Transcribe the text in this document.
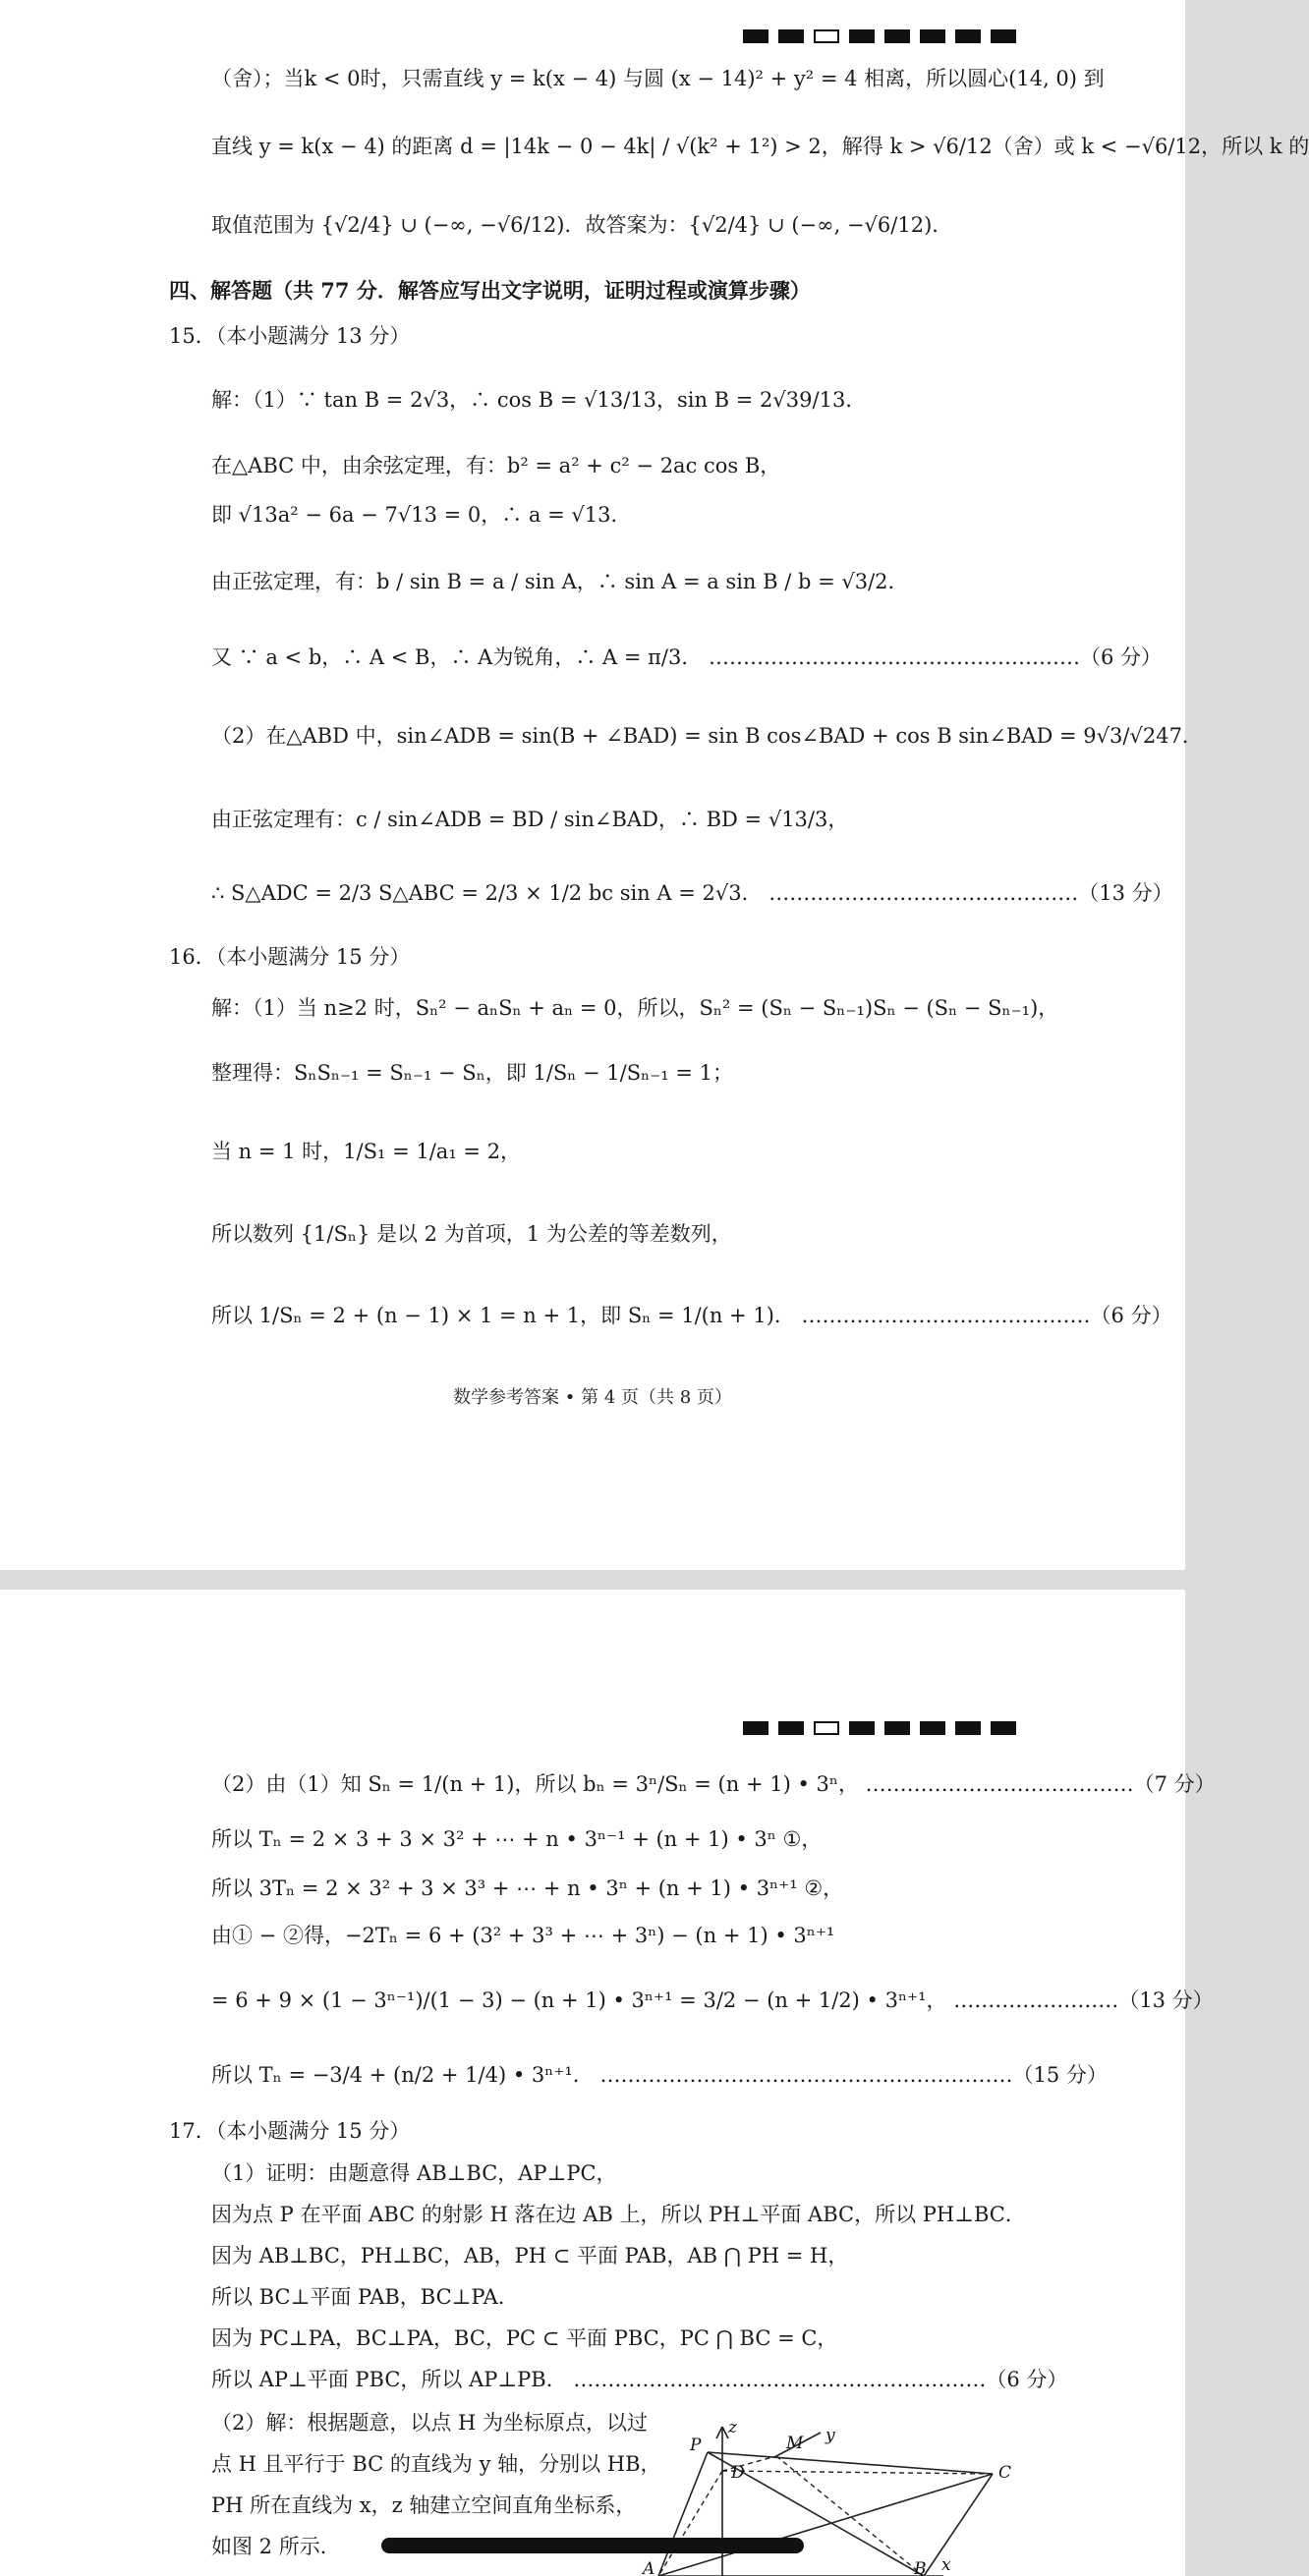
（舍）；当k < 0时，只需直线 y = k(x − 4) 与圆 (x − 14)² + y² = 4 相离，所以圆心(14, 0) 到
直线 y = k(x − 4) 的距离 d = |14k − 0 − 4k| / √(k² + 1²) > 2，解得 k > √6/12（舍）或 k < −√6/12，所以 k 的
取值范围为 {√2/4} ∪ (−∞, −√6/12)．故答案为：{√2/4} ∪ (−∞, −√6/12)．
四、解答题（共 77 分．解答应写出文字说明，证明过程或演算步骤）
15．（本小题满分 13 分）
解：（1）∵ tan B = 2√3，∴ cos B = √13/13，sin B = 2√39/13．
在△ABC 中，由余弦定理，有：b² = a² + c² − 2ac cos B，
即 √13a² − 6a − 7√13 = 0，∴ a = √13．
由正弦定理，有：b / sin B = a / sin A，∴ sin A = a sin B / b = √3/2．
又 ∵ a < b，∴ A < B，∴ A为锐角，∴ A = π/3． ………………………………………………（6 分）
（2）在△ABD 中，sin∠ADB = sin(B + ∠BAD) = sin B cos∠BAD + cos B sin∠BAD = 9√3/√247．
由正弦定理有：c / sin∠ADB = BD / sin∠BAD，∴ BD = √13/3，
∴ S△ADC = 2/3 S△ABC = 2/3 × 1/2 bc sin A = 2√3． ………………………………………（13 分）
16．（本小题满分 15 分）
解：（1）当 n≥2 时，Sₙ² − aₙSₙ + aₙ = 0，所以，Sₙ² = (Sₙ − Sₙ₋₁)Sₙ − (Sₙ − Sₙ₋₁)，
整理得：SₙSₙ₋₁ = Sₙ₋₁ − Sₙ，即 1/Sₙ − 1/Sₙ₋₁ = 1；
当 n = 1 时，1/S₁ = 1/a₁ = 2，
所以数列 {1/Sₙ} 是以 2 为首项，1 为公差的等差数列，
所以 1/Sₙ = 2 + (n − 1) × 1 = n + 1，即 Sₙ = 1/(n + 1)． ……………………………………（6 分）
数学参考答案 • 第 4 页（共 8 页）
（2）由（1）知 Sₙ = 1/(n + 1)，所以 bₙ = 3ⁿ/Sₙ = (n + 1) • 3ⁿ， …………………………………（7 分）
所以 Tₙ = 2 × 3 + 3 × 3² + ⋯ + n • 3ⁿ⁻¹ + (n + 1) • 3ⁿ ①，
所以 3Tₙ = 2 × 3² + 3 × 3³ + ⋯ + n • 3ⁿ + (n + 1) • 3ⁿ⁺¹ ②，
由① − ②得，−2Tₙ = 6 + (3² + 3³ + ⋯ + 3ⁿ) − (n + 1) • 3ⁿ⁺¹
= 6 + 9 × (1 − 3ⁿ⁻¹)/(1 − 3) − (n + 1) • 3ⁿ⁺¹ = 3/2 − (n + 1/2) • 3ⁿ⁺¹， ……………………（13 分）
所以 Tₙ = −3/4 + (n/2 + 1/4) • 3ⁿ⁺¹． ……………………………………………………（15 分）
17．（本小题满分 15 分）
（1）证明：由题意得 AB⊥BC，AP⊥PC，
因为点 P 在平面 ABC 的射影 H 落在边 AB 上，所以 PH⊥平面 ABC，所以 PH⊥BC．
因为 AB⊥BC，PH⊥BC，AB，PH ⊂ 平面 PAB，AB ⋂ PH = H，
所以 BC⊥平面 PAB，BC⊥PA．
因为 PC⊥PA，BC⊥PA，BC，PC ⊂ 平面 PBC，PC ⋂ BC = C，
所以 AP⊥平面 PBC，所以 AP⊥PB． ……………………………………………………（6 分）
（2）解：根据题意，以点 H 为坐标原点，以过
点 H 且平行于 BC 的直线为 y 轴，分别以 HB，
PH 所在直线为 x，z 轴建立空间直角坐标系，
如图 2 所示．
z
P	M y
D	C
A	B x
